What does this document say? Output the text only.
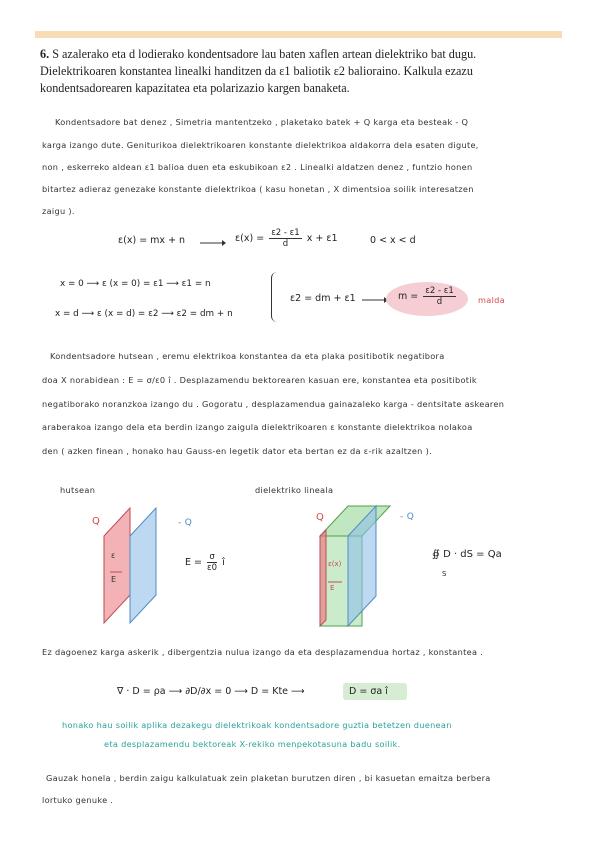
6. S azalerako eta d lodierako kondentsadore lau baten xaflen artean dielektriko bat dugu.
Dielektrikoaren konstantea linealki handitzen da ε1 baliotik ε2 balioraino. Kalkula ezazu
kondentsadorearen kapazitatea eta polarizazio kargen banaketa.
Kondentsadore bat denez , Simetria mantentzeko , plaketako batek + Q karga eta besteak - Q
karga izango dute. Geniturikoa dielektrikoaren konstante dielektrikoa aldakorra dela esaten digute,
non , eskerreko aldean ε1 balioa duen eta eskubikoan ε2 . Linealki aldatzen denez , funtzio honen
bitartez adieraz genezake konstante dielektrikoa ( kasu honetan , X dimentsioa soilik interesatzen
zaigu ).
ε(x) = mx + n	$\varepsilon(x) = \frac{\varepsilon 2 - \varepsilon 1}{d}$ x + ε1	0 < x < d
x = 0 ⟶ ε (x = 0) = ε1 ⟶ ε1 = n
x = d ⟶ ε (x = d) = ε2 ⟶ ε2 = dm + n
ε2 = dm + ε1	$m = \frac{\varepsilon 2 - \varepsilon 1}{d}$	malda
Kondentsadore hutsean , eremu elektrikoa konstantea da eta plaka positibotik negatibora
doa X norabidean : E = σ/ε0 î . Desplazamendu bektorearen kasuan ere, konstantea eta positibotik
negatiborako noranzkoa izango du . Gogoratu , desplazamendua gainazaleko karga - dentsitate askearen
araberakoa izango dela eta berdin izango zaigula dielektrikoaren ε konstante dielektrikoa nolakoa
den ( azken finean , honako hau Gauss-en legetik dator eta bertan ez da ε-rik azaltzen ).
hutsean	dielektriko lineala
ε
E
Q	- Q
$E = \frac{\sigma}{\varepsilon 0}$ î	ε(x)
E
Q	- Q
∯ D · dS = Qa
S
Ez dagoenez karga askerik , dibergentzia nulua izango da eta desplazamendua hortaz , konstantea .
∇ · D = ρa ⟶ ∂D/∂x = 0 ⟶ D = Kte ⟶	D = σa î
honako hau soilik aplika dezakegu dielektrikoak kondentsadore guztia betetzen duenean
eta desplazamendu bektoreak X-rekiko menpekotasuna badu soilik.
Gauzak honela , berdin zaigu kalkulatuak zein plaketan burutzen diren , bi kasuetan emaitza berbera
lortuko genuke .
